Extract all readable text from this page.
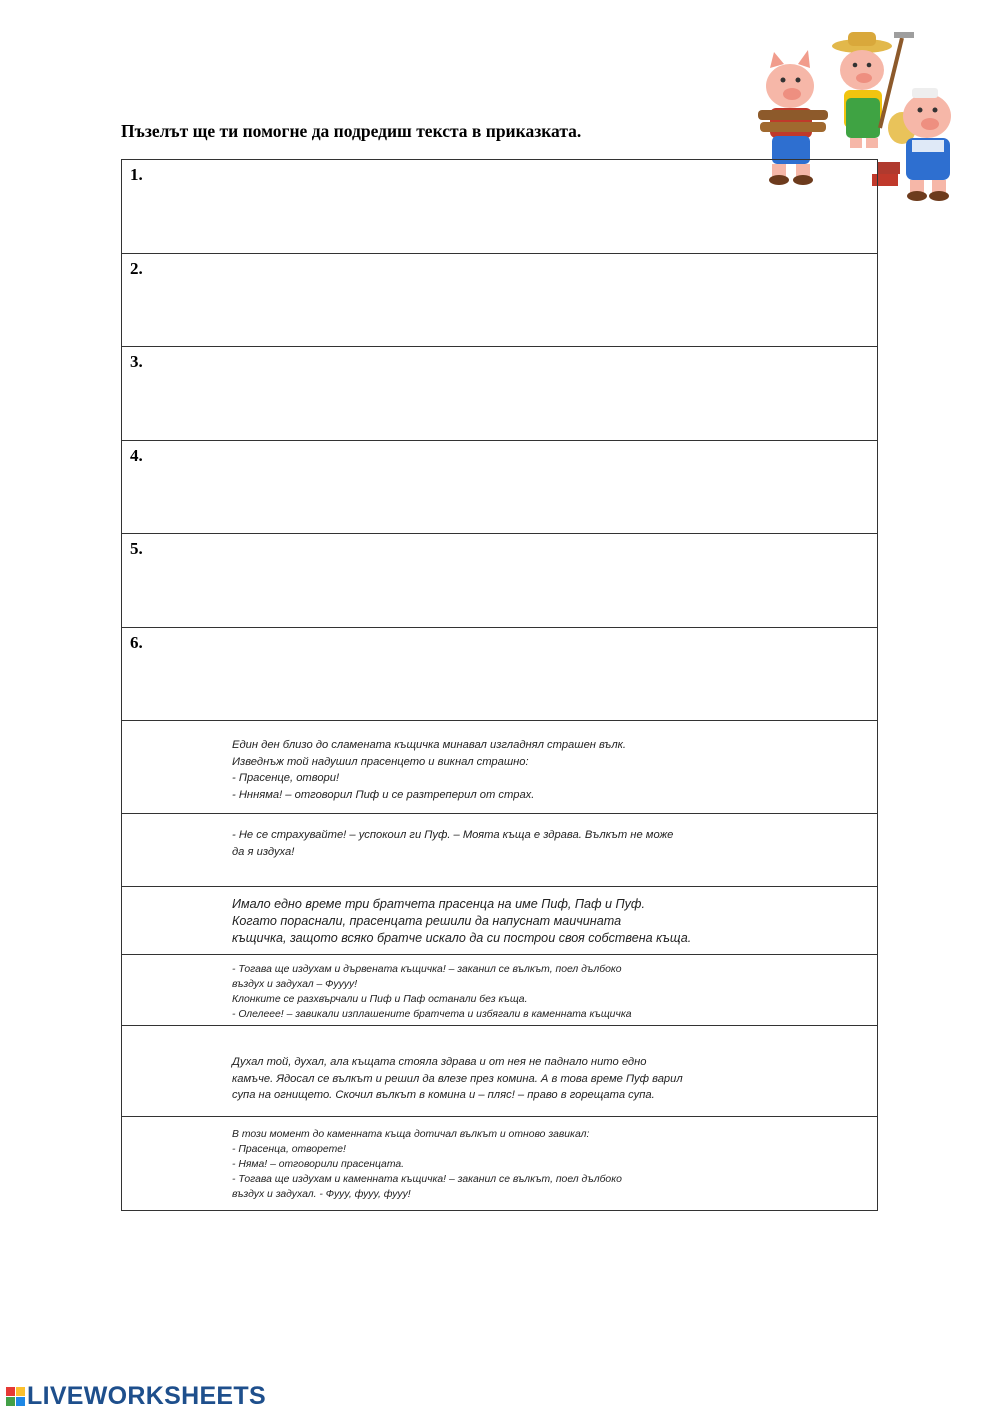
Пъзелът ще ти помогне да подредиш текста в приказката.
1.
2.
3.
4.
5.
6.

Един ден близо до сламената къщичка минавал изгладнял страшен вълк.
Изведнъж той надушил прасенцето и викнал страшно:
- Прасенце, отвори!
- Нннямa! – отговорил Пиф и се разтреперил от страх.

- Не се страхувайте! – успокоил ги Пуф. – Моята къща е здрава. Вълкът не може
да я издуха!

Имало едно време три братчета прасенца на име Пиф, Паф и Пуф.
Когато пораснали, прасенцата решили да напуснат маичината
къщичка, защото всяко братче искало да си построи своя собствена къща.

- Тогава ще издухам и дървената къщичка! – заканил се вълкът, поел дълбоко
въздух и задухал – Фуууу!
Клонките се разхвърчали и Пиф и Паф останали без къща.
- Олелеее! – завикали изплашените братчета и избягали в каменната къщичка

Духал той, духал, ала къщата стояла здрава и от нея не паднало нито едно
камъче. Ядосал се вълкът и решил да влезе през комина. А в това време Пуф варил
супа на огнището. Скочил вълкът в комина и – пляс! – право в горещата супа.

В този момент до каменната къща дотичал вълкът и отново завикал:
- Прасенца, отворете!
- Няма! – отговорили прасенцата.
- Тогава ще издухам и каменната къщичка! – заканил се вълкът, поел дълбоко
въздух и задухал. - Фууу, фууу, фууу!

LIVEWORKSHEETS
